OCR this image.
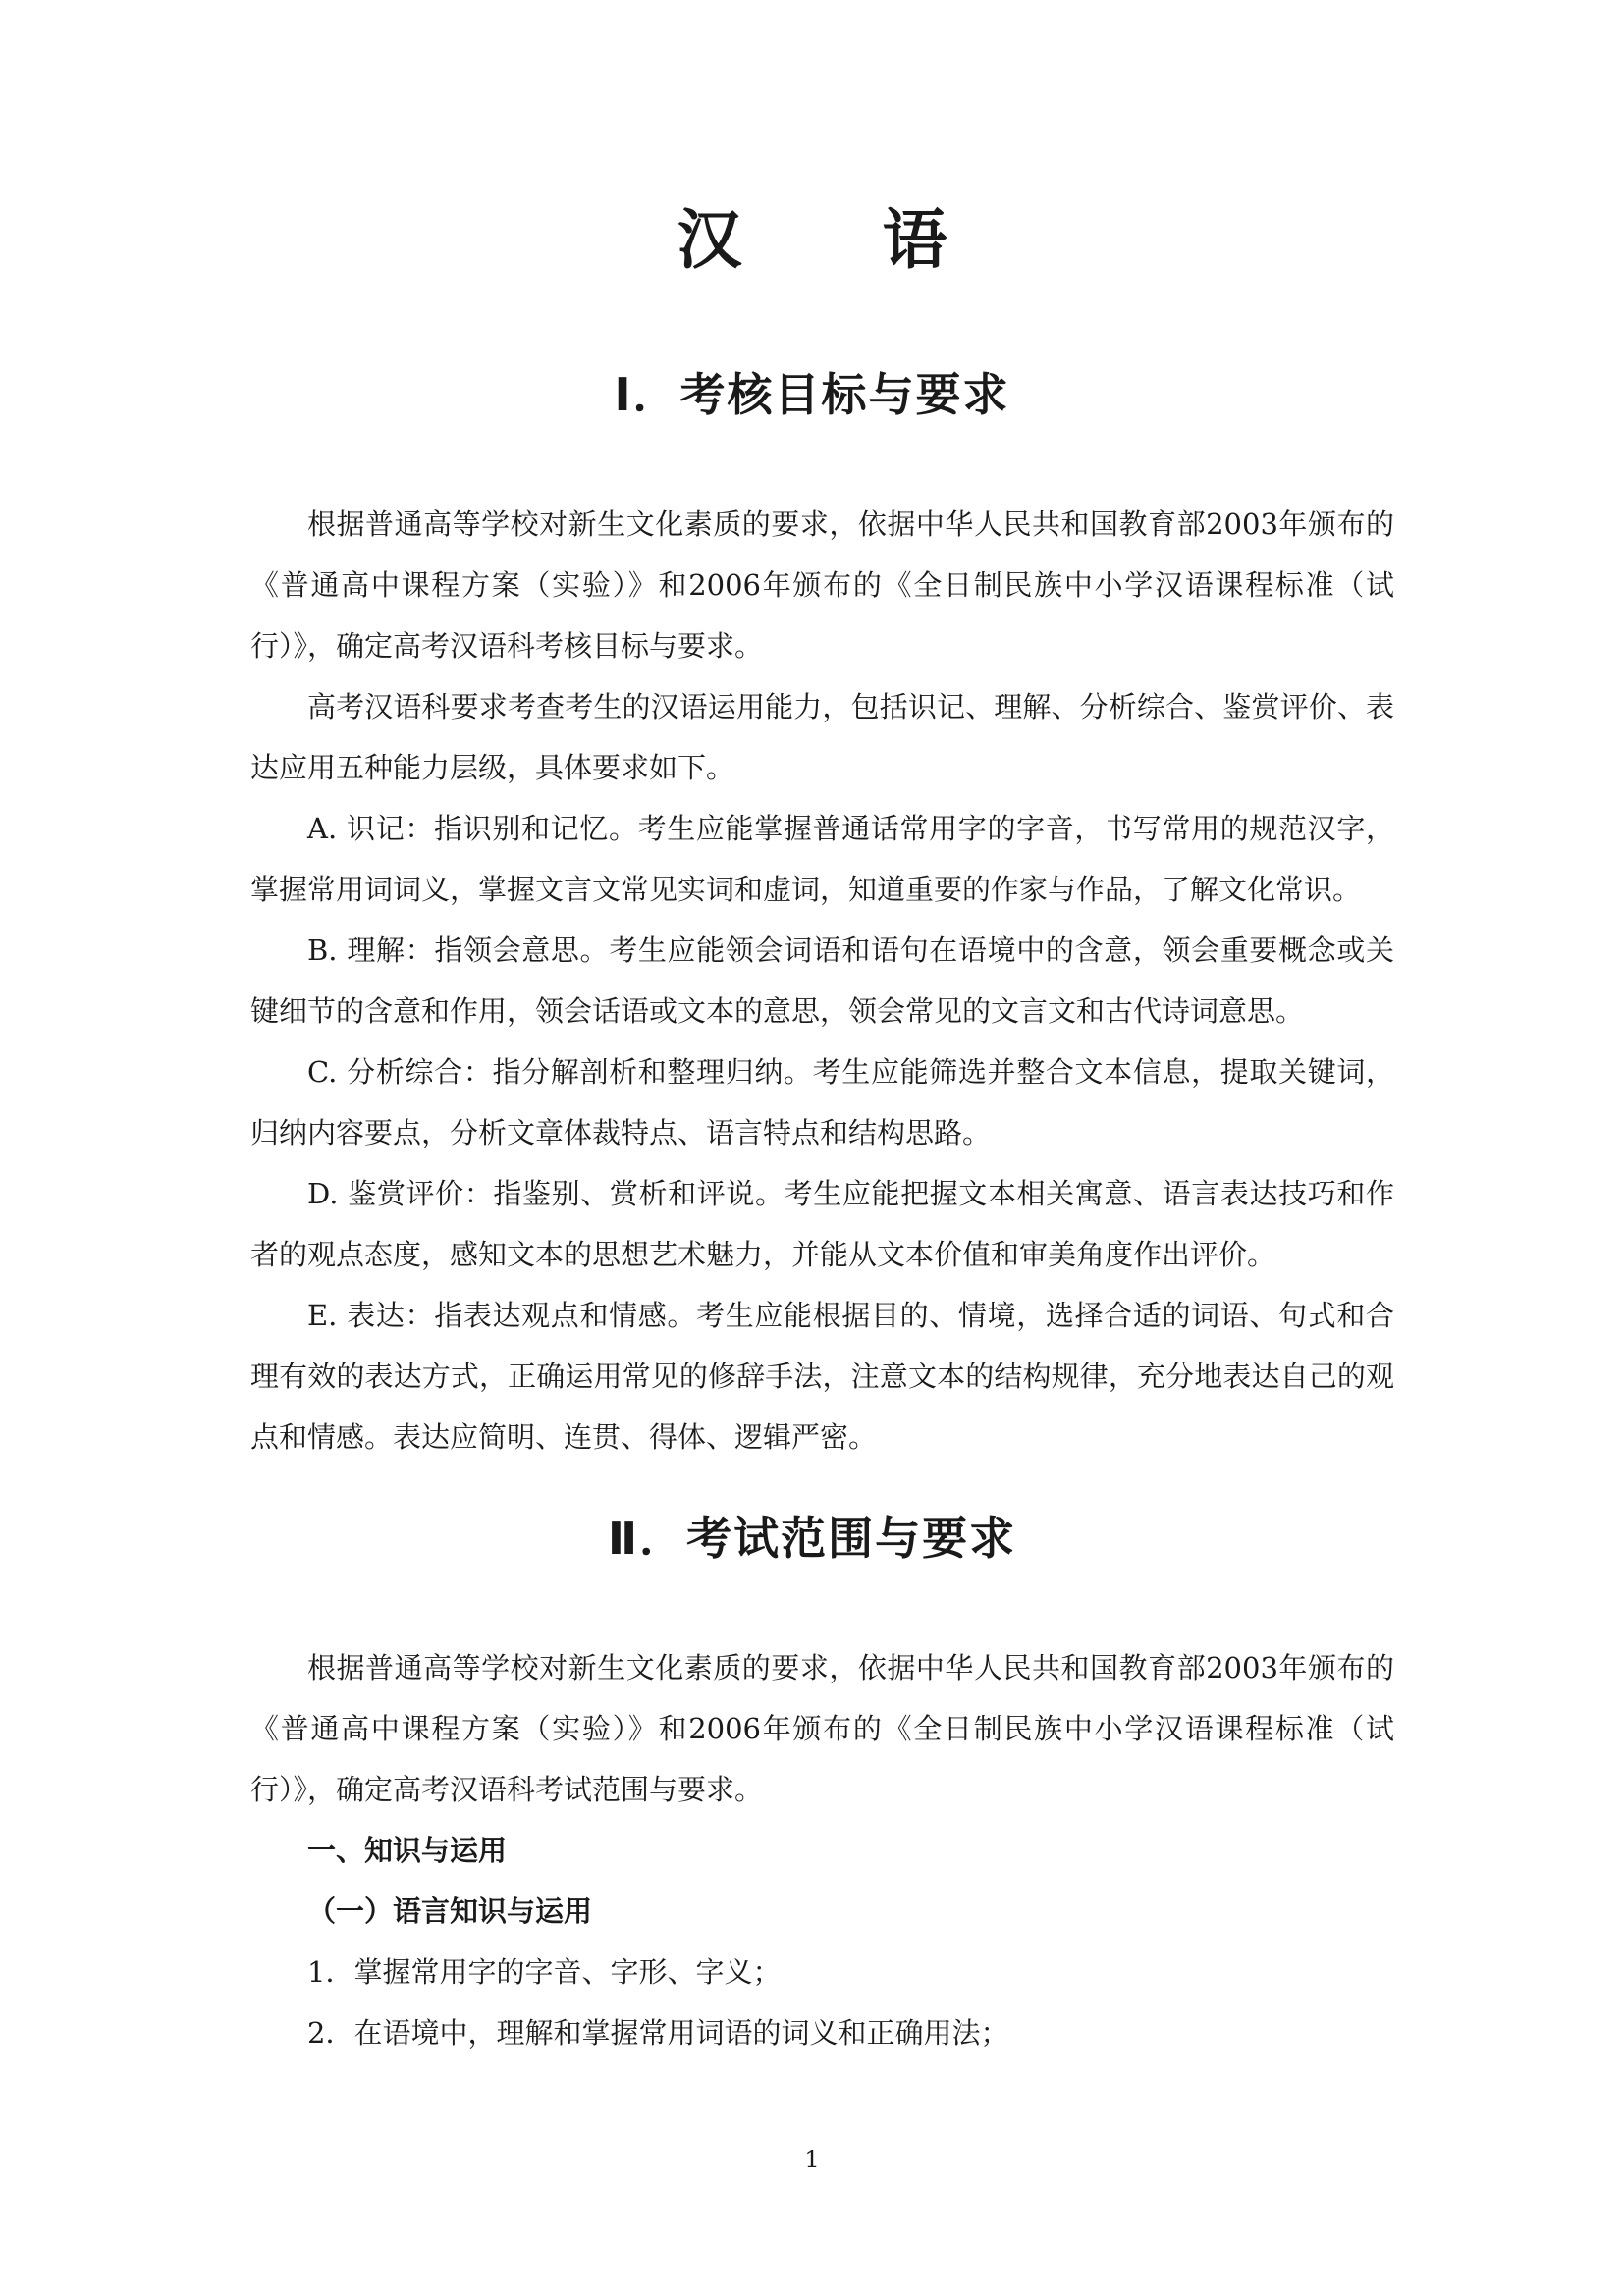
汉 语
Ⅰ．考核目标与要求

根据普通高等学校对新生文化素质的要求，依据中华人民共和国教育部2003年颁布的《普通高中课程方案（实验）》和2006年颁布的《全日制民族中小学汉语课程标准（试行）》，确定高考汉语科考核目标与要求。

高考汉语科要求考查考生的汉语运用能力，包括识记、理解、分析综合、鉴赏评价、表达应用五种能力层级，具体要求如下。

A. 识记：指识别和记忆。考生应能掌握普通话常用字的字音，书写常用的规范汉字，掌握常用词词义，掌握文言文常见实词和虚词，知道重要的作家与作品，了解文化常识。

B. 理解：指领会意思。考生应能领会词语和语句在语境中的含意，领会重要概念或关键细节的含意和作用，领会话语或文本的意思，领会常见的文言文和古代诗词意思。

C. 分析综合：指分解剖析和整理归纳。考生应能筛选并整合文本信息，提取关键词，归纳内容要点，分析文章体裁特点、语言特点和结构思路。

D. 鉴赏评价：指鉴别、赏析和评说。考生应能把握文本相关寓意、语言表达技巧和作者的观点态度，感知文本的思想艺术魅力，并能从文本价值和审美角度作出评价。

E. 表达：指表达观点和情感。考生应能根据目的、情境，选择合适的词语、句式和合理有效的表达方式，正确运用常见的修辞手法，注意文本的结构规律，充分地表达自己的观点和情感。表达应简明、连贯、得体、逻辑严密。

Ⅱ．考试范围与要求

根据普通高等学校对新生文化素质的要求，依据中华人民共和国教育部2003年颁布的《普通高中课程方案（实验）》和2006年颁布的《全日制民族中小学汉语课程标准（试行）》，确定高考汉语科考试范围与要求。

一、知识与运用

（一）语言知识与运用

1．掌握常用字的字音、字形、字义；

2．在语境中，理解和掌握常用词语的词义和正确用法；

1
